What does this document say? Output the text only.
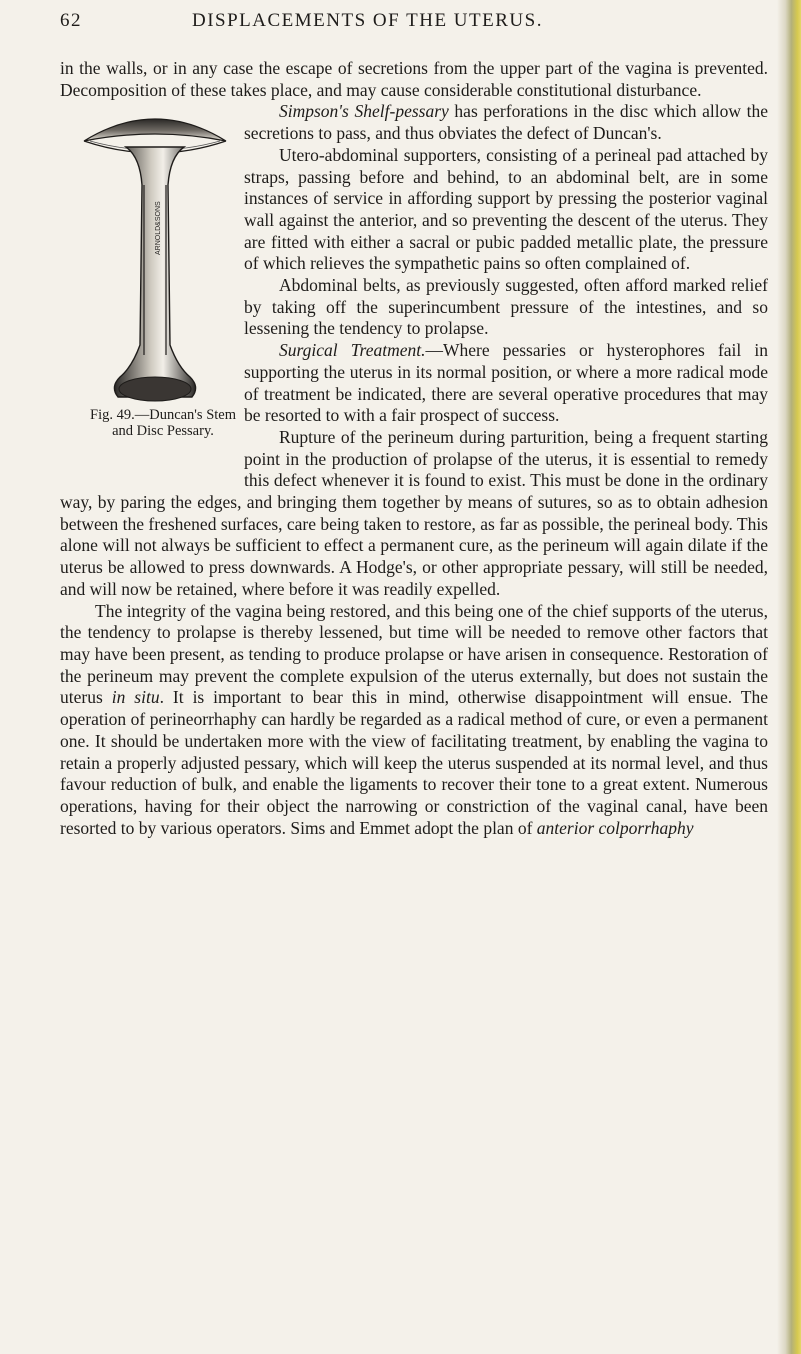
62	DISPLACEMENTS OF THE UTERUS.

in the walls, or in any case the escape of secretions from the upper part of the vagina is prevented. Decomposition of these takes place, and may cause considerable constitutional disturbance.

ARNOLD&SONS
Fig. 49.—Duncan's Stem
and Disc Pessary.

  Simpson's Shelf-pessary has perforations in the disc which allow the secretions to pass, and thus obviates the defect of Duncan's.

  Utero-abdominal supporters, consisting of a perineal pad attached by straps, passing before and behind, to an abdominal belt, are in some instances of service in affording support by pressing the posterior vaginal wall against the anterior, and so preventing the descent of the uterus. They are fitted with either a sacral or pubic padded metallic plate, the pressure of which relieves the sympathetic pains so often complained of.

  Abdominal belts, as previously suggested, often afford marked relief by taking off the superincumbent pressure of the intestines, and so lessening the tendency to prolapse.

  Surgical Treatment.—Where pessaries or hysterophores fail in supporting the uterus in its normal position, or where a more radical mode of treatment be indicated, there are several operative procedures that may be resorted to with a fair prospect of success.

  Rupture of the perineum during parturition, being a frequent starting point in the production of prolapse of the uterus, it is essential to remedy this defect whenever it is found to exist. This must be done in the ordinary way, by paring the edges, and bringing them together by means of sutures, so as to obtain adhesion between the freshened surfaces, care being taken to restore, as far as possible, the perineal body. This alone will not always be sufficient to effect a permanent cure, as the perineum will again dilate if the uterus be allowed to press downwards. A Hodge's, or other appropriate pessary, will still be needed, and will now be retained, where before it was readily expelled.

  The integrity of the vagina being restored, and this being one of the chief supports of the uterus, the tendency to prolapse is thereby lessened, but time will be needed to remove other factors that may have been present, as tending to produce prolapse or have arisen in consequence. Restoration of the perineum may prevent the complete expulsion of the uterus externally, but does not sustain the uterus in situ. It is important to bear this in mind, otherwise disappointment will ensue. The operation of perineorrhaphy can hardly be regarded as a radical method of cure, or even a permanent one. It should be undertaken more with the view of facilitating treatment, by enabling the vagina to retain a properly adjusted pessary, which will keep the uterus suspended at its normal level, and thus favour reduction of bulk, and enable the ligaments to recover their tone to a great extent. Numerous operations, having for their object the narrowing or constriction of the vaginal canal, have been resorted to by various operators. Sims and Emmet adopt the plan of anterior colporrhaphy
